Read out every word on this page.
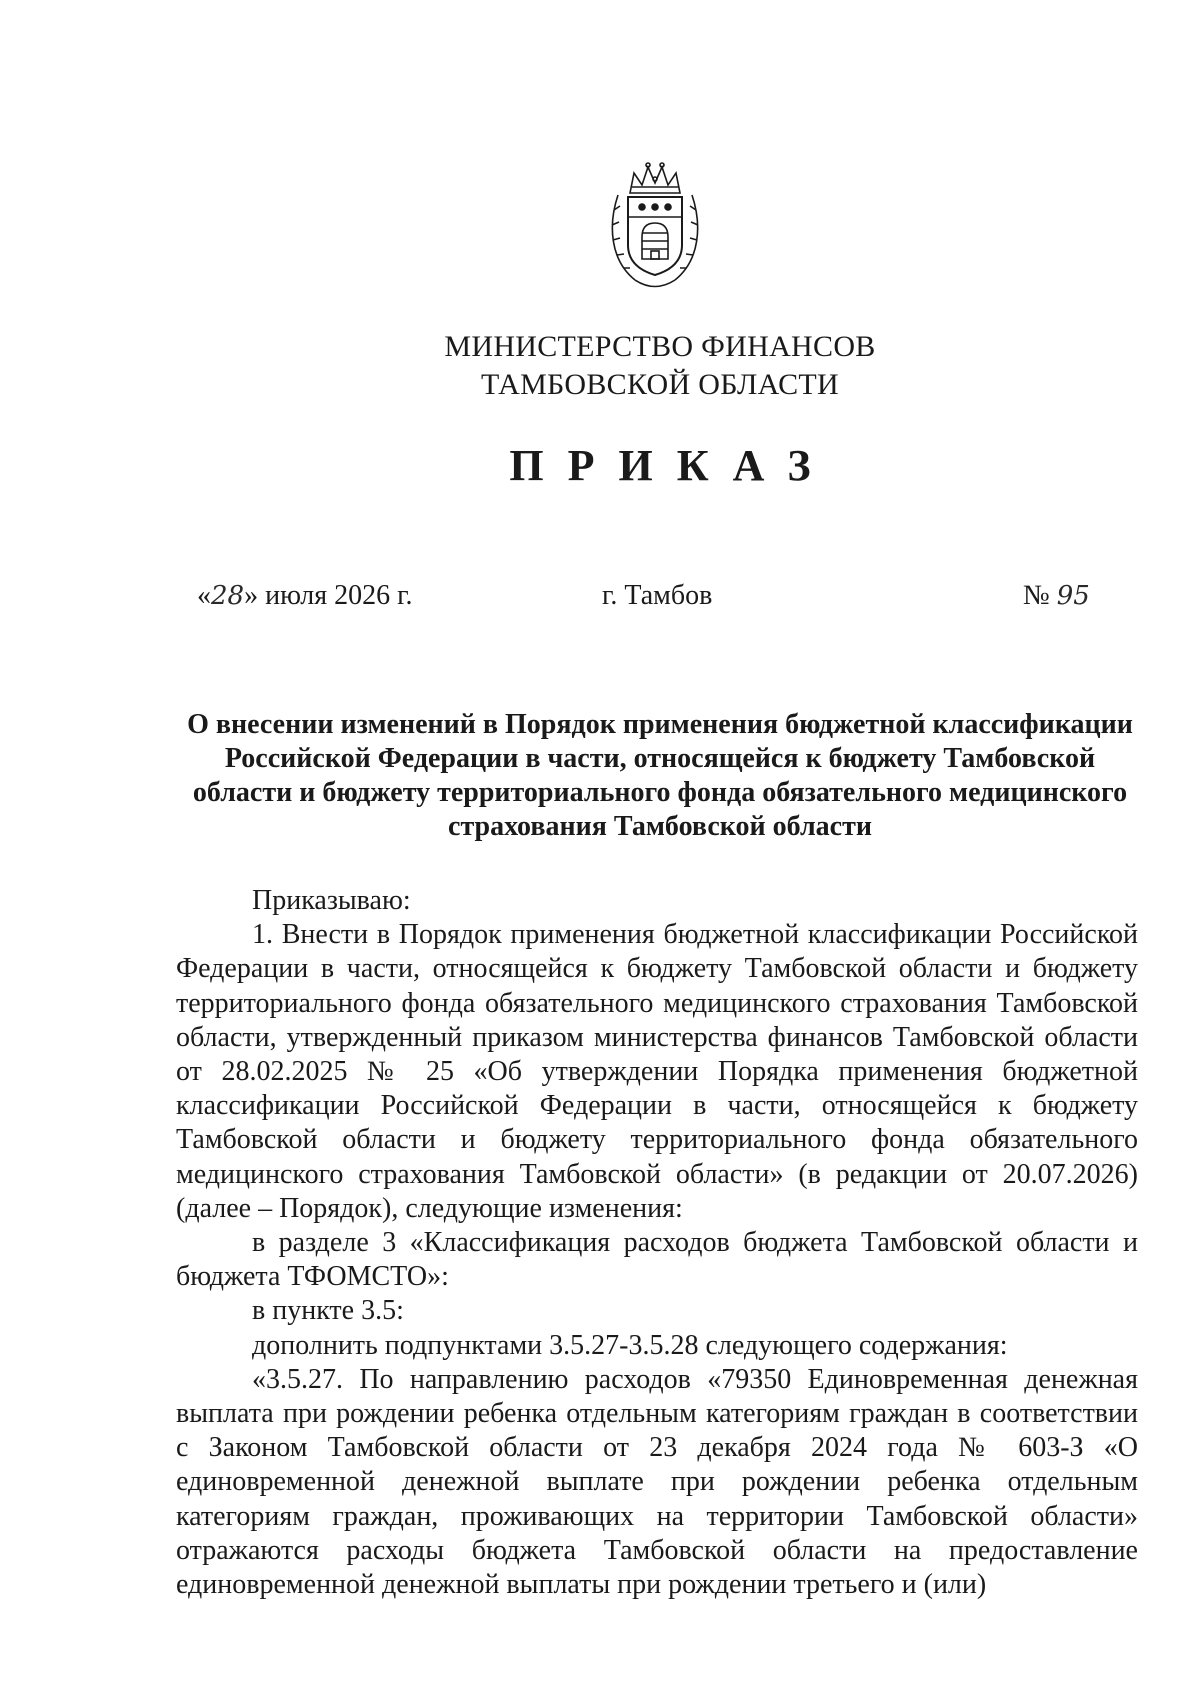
МИНИСТЕРСТВО ФИНАНСОВ
ТАМБОВСКОЙ ОБЛАСТИ
ПРИКАЗ
«28» июля 2026 г.	г. Тамбов	№ 95
О внесении изменений в Порядок применения бюджетной классификации Российской Федерации в части, относящейся к бюджету Тамбовской области и бюджету территориального фонда обязательного медицинского страхования Тамбовской области

Приказываю:

1. Внести в Порядок применения бюджетной классификации Российской Федерации в части, относящейся к бюджету Тамбовской области и бюджету территориального фонда обязательного медицинского страхования Тамбовской области, утвержденный приказом министерства финансов Тамбовской области от 28.02.2025 № 25 «Об утверждении Порядка применения бюджетной классификации Российской Федерации в части, относящейся к бюджету Тамбовской области и бюджету территориального фонда обязательного медицинского страхования Тамбовской области» (в редакции от 20.07.2026) (далее – Порядок), следующие изменения:

в разделе 3 «Классификация расходов бюджета Тамбовской области и бюджета ТФОМСТО»:

в пункте 3.5:

дополнить подпунктами 3.5.27-3.5.28 следующего содержания:

«3.5.27. По направлению расходов «79350 Единовременная денежная выплата при рождении ребенка отдельным категориям граждан в соответствии с Законом Тамбовской области от 23 декабря 2024 года № 603-З «О единовременной денежной выплате при рождении ребенка отдельным категориям граждан, проживающих на территории Тамбовской области» отражаются расходы бюджета Тамбовской области на предоставление единовременной денежной выплаты при рождении третьего и (или)
